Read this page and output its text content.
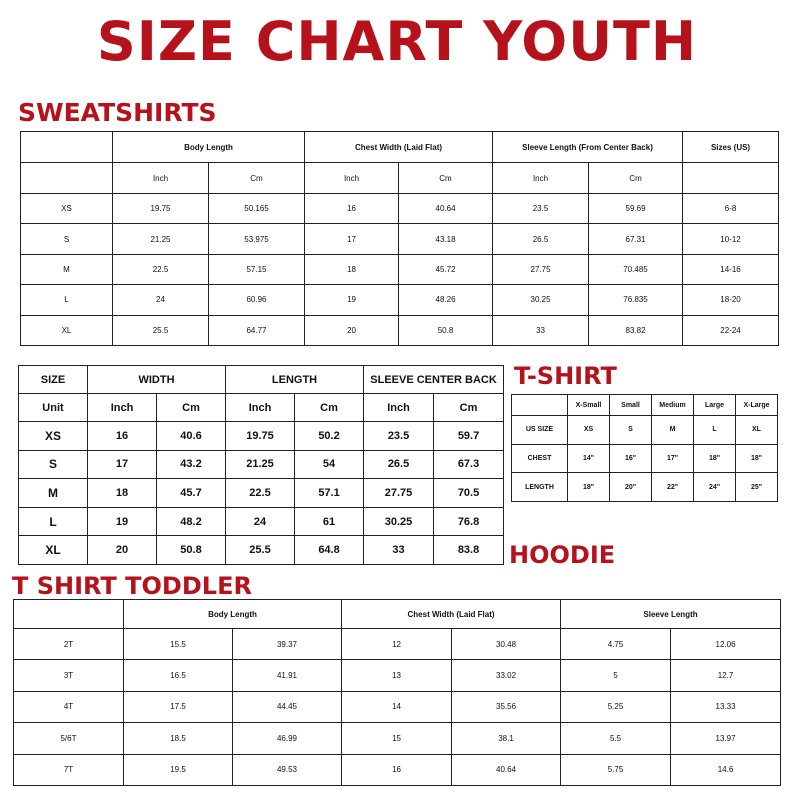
SIZE CHART YOUTH
SWEATSHIRTS
	Body Length		Chest Width (Laid Flat)		Sleeve Length (From Center Back)		Sizes (US)
	Inch	Cm	Inch	Cm	Inch	Cm	
XS	19.75	50.165	16	40.64	23.5	59.69	6-8
S	21.25	53.975	17	43.18	26.5	67.31	10-12
M	22.5	57.15	18	45.72	27.75	70.485	14-16
L	24	60.96	19	48.26	30.25	76.835	18-20
XL	25.5	64.77	20	50.8	33	83.82	22-24
SIZE	WIDTH		LENGTH		SLEEVE CENTER BACK	
Unit	Inch	Cm	Inch	Cm	Inch	Cm
XS	16	40.6	19.75	50.2	23.5	59.7
S	17	43.2	21.25	54	26.5	67.3
M	18	45.7	22.5	57.1	27.75	70.5
L	19	48.2	24	61	30.25	76.8
XL	20	50.8	25.5	64.8	33	83.8
T-SHIRT
	X-Small	Small	Medium	Large	X-Large
US SIZE	XS	S	M	L	XL
CHEST	14"	16"	17"	18"	18"
LENGTH	18"	20"	22"	24"	25"
HOODIE
T SHIRT TODDLER
	Body Length		Chest Width (Laid Flat)		Sleeve Length	
2T	15.5	39.37	12	30.48	4.75	12.06
3T	16.5	41.91	13	33.02	5	12.7
4T	17.5	44.45	14	35.56	5.25	13.33
5/6T	18.5	46.99	15	38.1	5.5	13.97
7T	19.5	49.53	16	40.64	5.75	14.6
